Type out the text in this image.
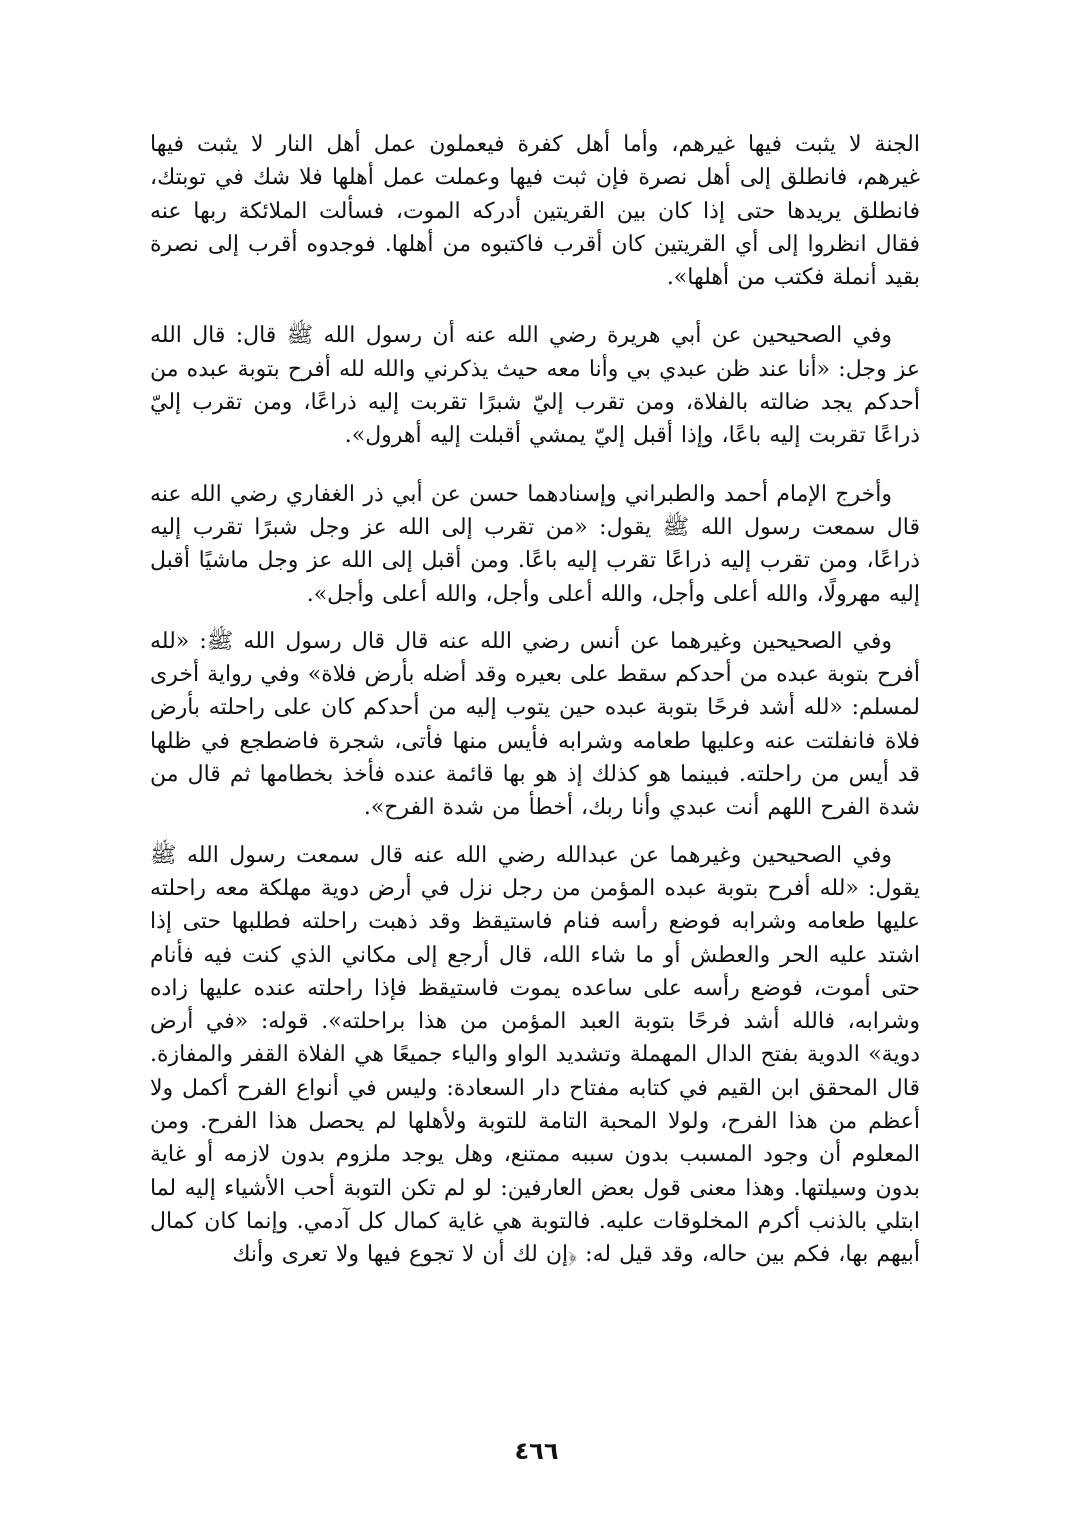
الجنة لا يثبت فيها غيرهم، وأما أهل كفرة فيعملون عمل أهل النار لا يثبت فيها غيرهم، فانطلق إلى أهل نصرة فإن ثبت فيها وعملت عمل أهلها فلا شك في توبتك، فانطلق يريدها حتى إذا كان بين القريتين أدركه الموت، فسألت الملائكة ربها عنه فقال انظروا إلى أي القريتين كان أقرب فاكتبوه من أهلها. فوجدوه أقرب إلى نصرة بقيد أنملة فكتب من أهلها».

وفي الصحيحين عن أبي هريرة رضي الله عنه أن رسول الله ﷺ قال: قال الله عز وجل: «أنا عند ظن عبدي بي وأنا معه حيث يذكرني والله لله أفرح بتوبة عبده من أحدكم يجد ضالته بالفلاة، ومن تقرب إليّ شبرًا تقربت إليه ذراعًا، ومن تقرب إليّ ذراعًا تقربت إليه باعًا، وإذا أقبل إليّ يمشي أقبلت إليه أهرول».

وأخرج الإمام أحمد والطبراني وإسنادهما حسن عن أبي ذر الغفاري رضي الله عنه قال سمعت رسول الله ﷺ يقول: «من تقرب إلى الله عز وجل شبرًا تقرب إليه ذراعًا، ومن تقرب إليه ذراعًا تقرب إليه باعًا. ومن أقبل إلى الله عز وجل ماشيًا أقبل إليه مهرولًا، والله أعلى وأجل، والله أعلى وأجل، والله أعلى وأجل».

وفي الصحيحين وغيرهما عن أنس رضي الله عنه قال قال رسول الله ﷺ: «لله أفرح بتوبة عبده من أحدكم سقط على بعيره وقد أضله بأرض فلاة» وفي رواية أخرى لمسلم: «لله أشد فرحًا بتوبة عبده حين يتوب إليه من أحدكم كان على راحلته بأرض فلاة فانفلتت عنه وعليها طعامه وشرابه فأيس منها فأتى، شجرة فاضطجع في ظلها قد أيس من راحلته. فبينما هو كذلك إذ هو بها قائمة عنده فأخذ بخطامها ثم قال من شدة الفرح اللهم أنت عبدي وأنا ربك، أخطأ من شدة الفرح».

وفي الصحيحين وغيرهما عن عبدالله رضي الله عنه قال سمعت رسول الله ﷺ يقول: «لله أفرح بتوبة عبده المؤمن من رجل نزل في أرض دوية مهلكة معه راحلته عليها طعامه وشرابه فوضع رأسه فنام فاستيقظ وقد ذهبت راحلته فطلبها حتى إذا اشتد عليه الحر والعطش أو ما شاء الله، قال أرجع إلى مكاني الذي كنت فيه فأنام حتى أموت، فوضع رأسه على ساعده يموت فاستيقظ فإذا راحلته عنده عليها زاده وشرابه، فالله أشد فرحًا بتوبة العبد المؤمن من هذا براحلته». قوله: «في أرض دوية» الدوية بفتح الدال المهملة وتشديد الواو والياء جميعًا هي الفلاة القفر والمفازة. قال المحقق ابن القيم في كتابه مفتاح دار السعادة: وليس في أنواع الفرح أكمل ولا أعظم من هذا الفرح، ولولا المحبة التامة للتوبة ولأهلها لم يحصل هذا الفرح. ومن المعلوم أن وجود المسبب بدون سببه ممتنع، وهل يوجد ملزوم بدون لازمه أو غاية بدون وسيلتها. وهذا معنى قول بعض العارفين: لو لم تكن التوبة أحب الأشياء إليه لما ابتلي بالذنب أكرم المخلوقات عليه. فالتوبة هي غاية كمال كل آدمي. وإنما كان كمال أبيهم بها، فكم بين حاله، وقد قيل له: ﴿إن لك أن لا تجوع فيها ولا تعرى وأنك

٤٦٦
